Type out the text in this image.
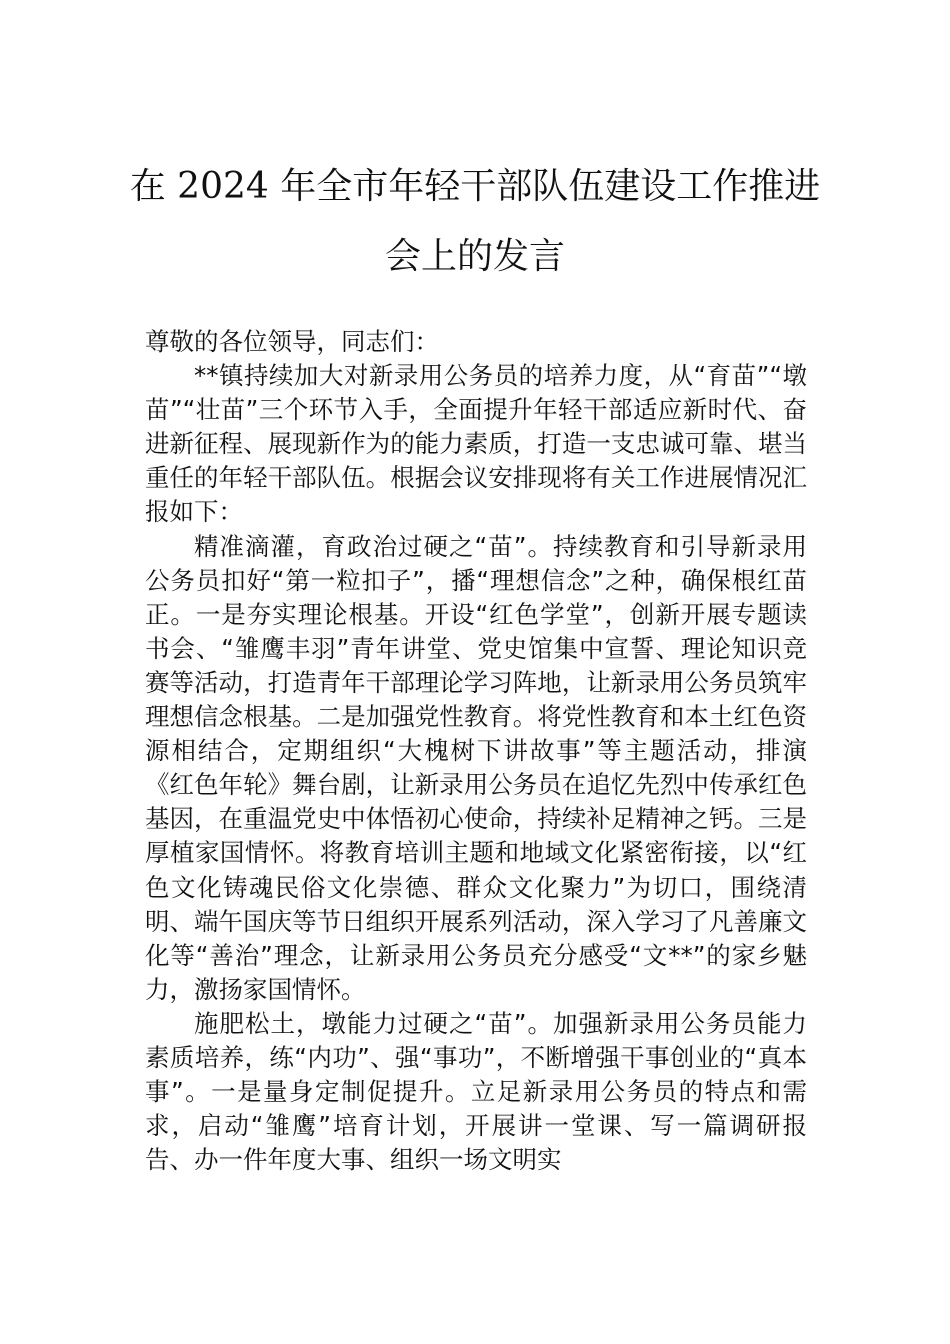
在 2024 年全市年轻干部队伍建设工作推进
会上的发言

尊敬的各位领导，同志们：

**镇持续加大对新录用公务员的培养力度，从“育苗”“墩苗”“壮苗”三个环节入手，全面提升年轻干部适应新时代、奋进新征程、展现新作为的能力素质，打造一支忠诚可靠、堪当重任的年轻干部队伍。根据会议安排现将有关工作进展情况汇报如下：

精准滴灌，育政治过硬之“苗”。持续教育和引导新录用公务员扣好“第一粒扣子”，播“理想信念”之种，确保根红苗正。一是夯实理论根基。开设“红色学堂”，创新开展专题读书会、“雏鹰丰羽”青年讲堂、党史馆集中宣誓、理论知识竞赛等活动，打造青年干部理论学习阵地，让新录用公务员筑牢理想信念根基。二是加强党性教育。将党性教育和本土红色资源相结合，定期组织“大槐树下讲故事”等主题活动，排演《红色年轮》舞台剧，让新录用公务员在追忆先烈中传承红色基因，在重温党史中体悟初心使命，持续补足精神之钙。三是厚植家国情怀。将教育培训主题和地域文化紧密衔接，以“红色文化铸魂民俗文化崇德、群众文化聚力”为切口，围绕清明、端午国庆等节日组织开展系列活动，深入学习了凡善廉文化等“善治”理念，让新录用公务员充分感受“文**”的家乡魅力，激扬家国情怀。

施肥松土，墩能力过硬之“苗”。加强新录用公务员能力素质培养，练“内功”、强“事功”，不断增强干事创业的“真本事”。一是量身定制促提升。立足新录用公务员的特点和需求，启动“雏鹰”培育计划，开展讲一堂课、写一篇调研报告、办一件年度大事、组织一场文明实
